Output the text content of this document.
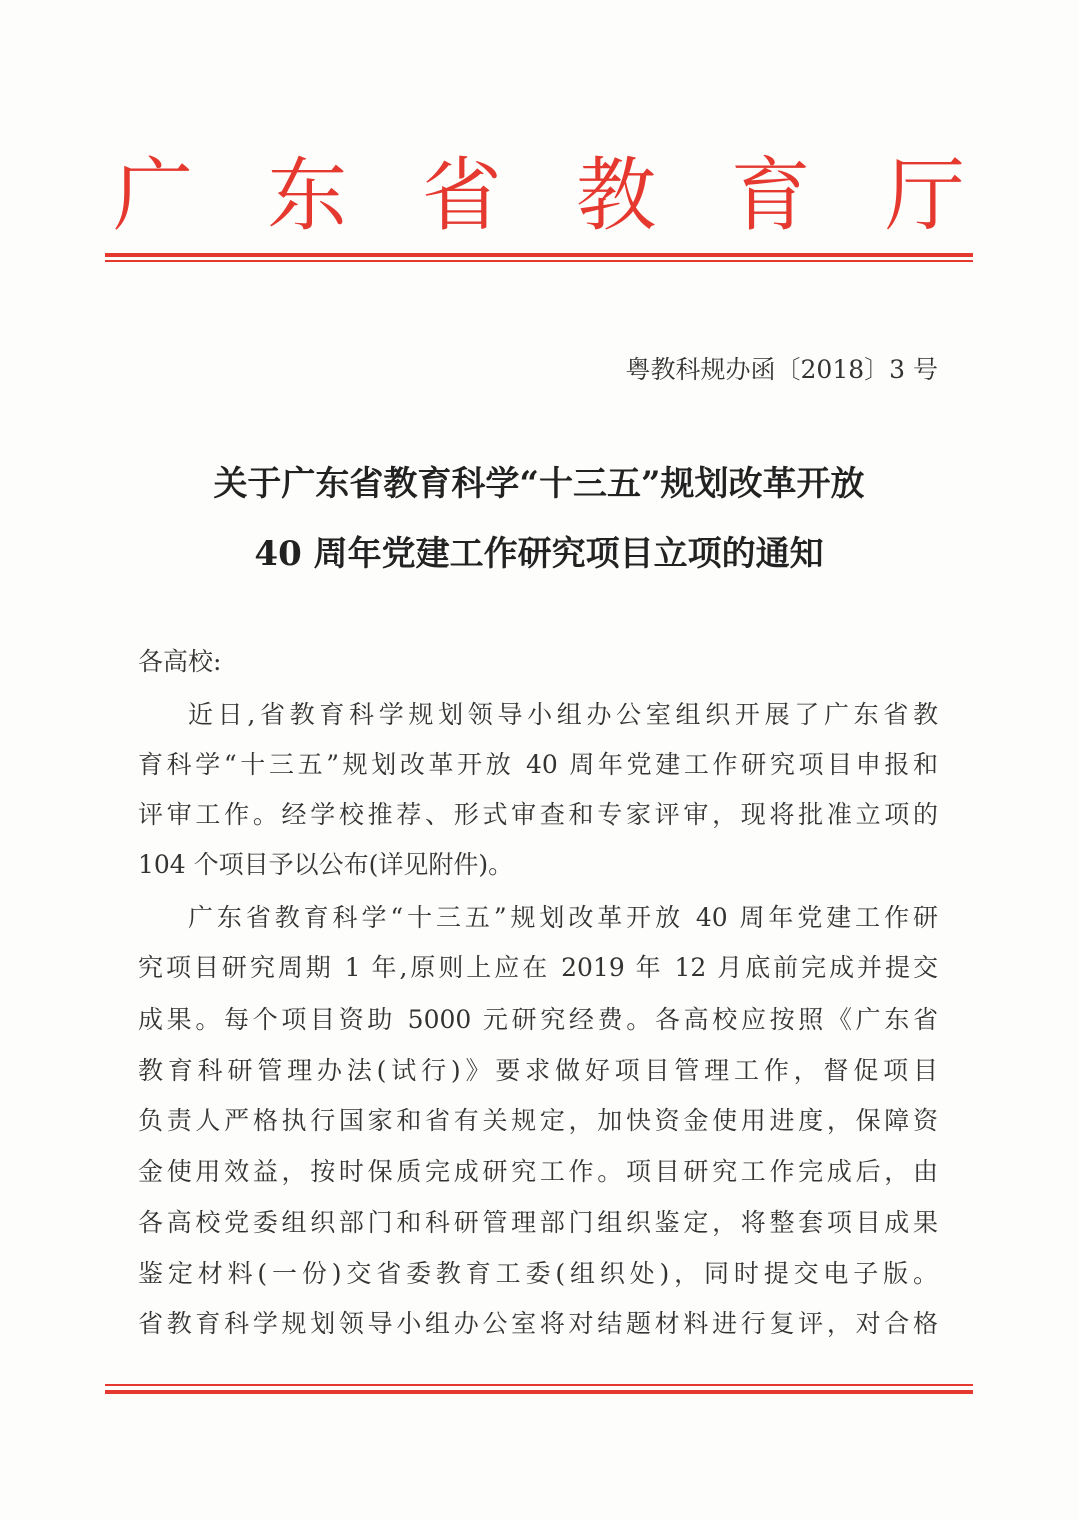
广 东 省 教 育 厅
粤教科规办函〔2018〕3 号
关于广东省教育科学“十三五”规划改革开放
40 周年党建工作研究项目立项的通知
各高校:
近日,省教育科学规划领导小组办公室组织开展了广东省教
育科学“十三五”规划改革开放 40 周年党建工作研究项目申报和
评审工作。经学校推荐、形式审查和专家评审，现将批准立项的
104 个项目予以公布(详见附件)。
广东省教育科学“十三五”规划改革开放 40 周年党建工作研
究项目研究周期 1 年,原则上应在 2019 年 12 月底前完成并提交
成果。每个项目资助 5000 元研究经费。各高校应按照《广东省
教育科研管理办法(试行)》要求做好项目管理工作，督促项目
负责人严格执行国家和省有关规定，加快资金使用进度，保障资
金使用效益，按时保质完成研究工作。项目研究工作完成后，由
各高校党委组织部门和科研管理部门组织鉴定，将整套项目成果
鉴定材料(一份)交省委教育工委(组织处)，同时提交电子版。
省教育科学规划领导小组办公室将对结题材料进行复评，对合格
